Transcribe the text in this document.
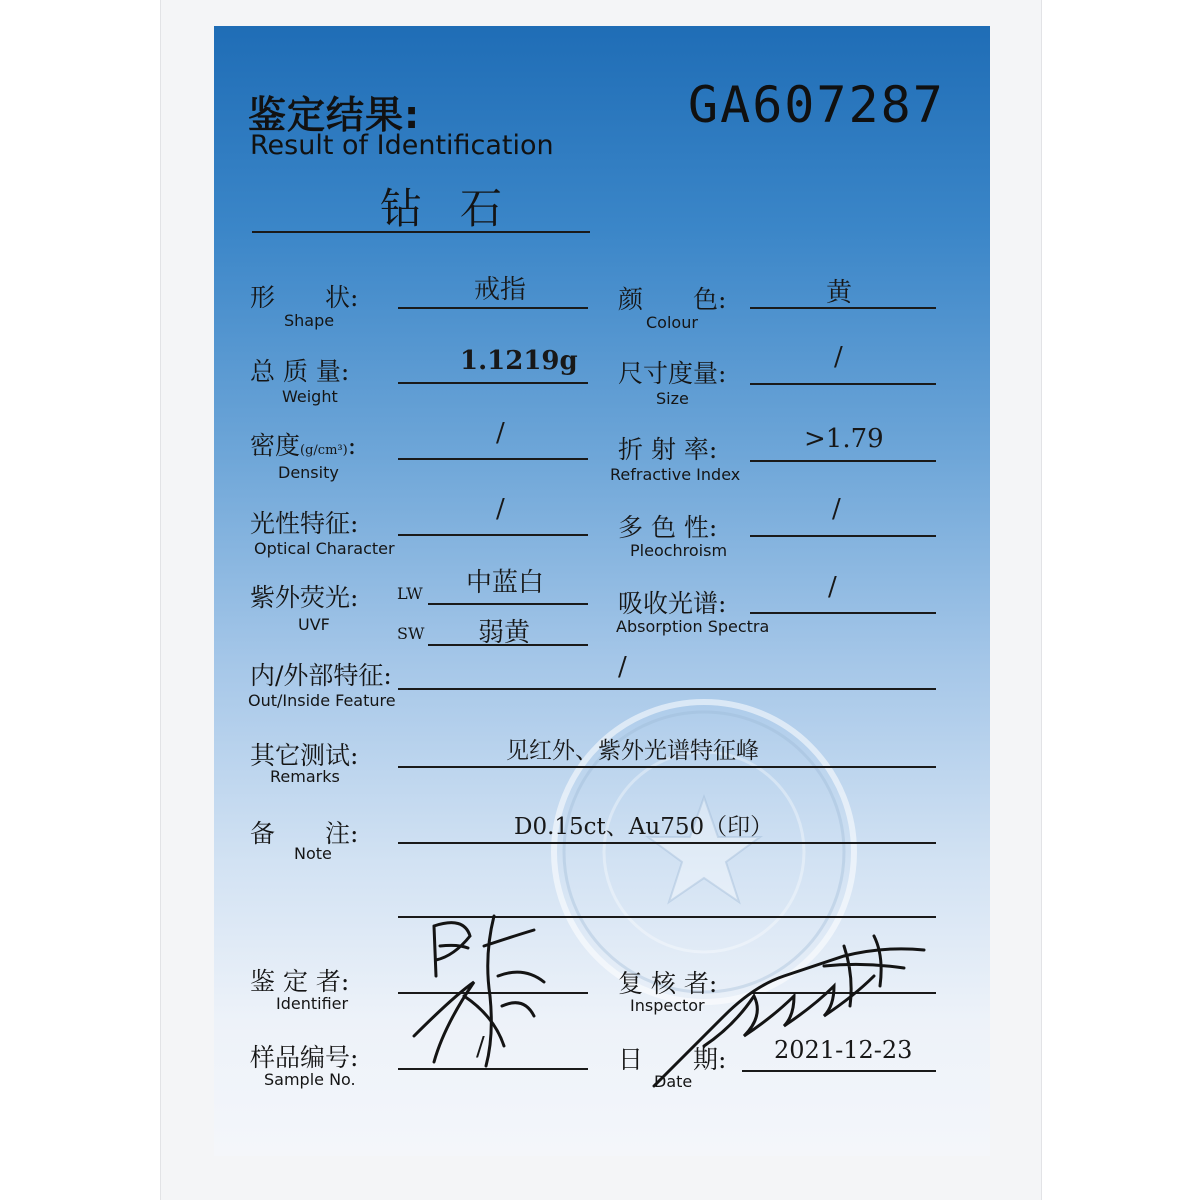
鉴定结果:
Result of Identification
GA607287
钻石
形　　状:
Shape
戒指	颜　　色:
Colour
黄
总 质 量:
Weight
1.1219g 尺寸度量:
Size
/
密度(g/cm³):
Density
/
折 射 率:
Refractive Index
>1.79
光性特征:
Optical Character
/
多 色 性:
Pleochroism
/
紫外荧光:
UVF
LW 中蓝白
SW 弱黄
吸收光谱:
Absorption Spectra
/
内/外部特征:
Out/Inside Feature
/
其它测试:
Remarks
见红外、紫外光谱特征峰
备　　注:
Note
D0.15ct、Au750（印）
鉴 定 者:
Identifier
复 核 者:
Inspector
样品编号:
Sample No.
/	日　　期:
Date
2021-12-23
